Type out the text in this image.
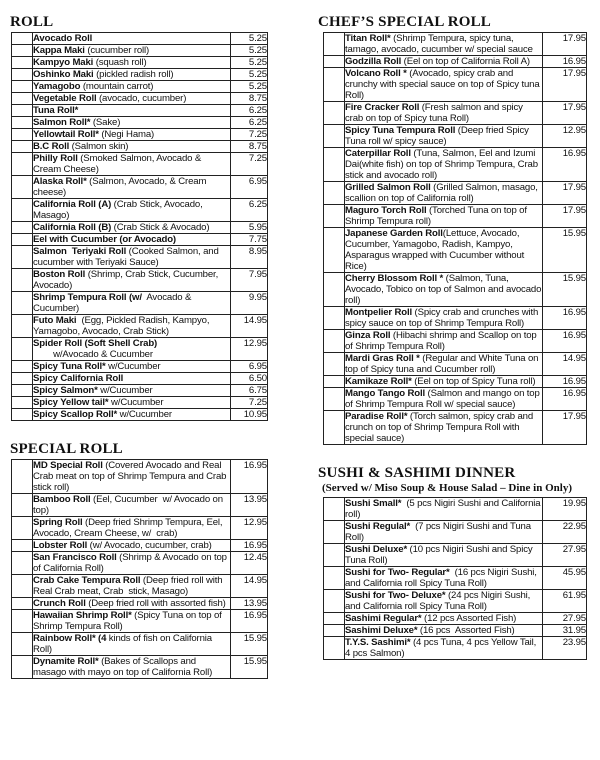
ROLL
	Avocado Roll	5.25
	Kappa Maki (cucumber roll)	5.25
	Kampyo Maki (squash roll)	5.25
	Oshinko Maki (pickled radish roll)	5.25
	Yamagobo (mountain carrot)	5.25
	Vegetable Roll (avocado, cucumber)	8.75
	Tuna Roll*	6.25
	Salmon Roll* (Sake)	6.25
	Yellowtail Roll* (Negi Hama)	7.25
	B.C Roll (Salmon skin)	8.75
	Philly Roll (Smoked Salmon, Avocado & Cream Cheese)	7.25
	Alaska Roll* (Salmon, Avocado, & Cream cheese)	6.95
	California Roll (A) (Crab Stick, Avocado, Masago)	6.25
	California Roll (B) (Crab Stick & Avocado)	5.95
	Eel with Cucumber (or Avocado)	7.75
	Salmon  Teriyaki Roll (Cooked Salmon, and cucumber with Teriyaki Sauce)	8.95
	Boston Roll (Shrimp, Crab Stick, Cucumber, Avocado)	7.95
	Shrimp Tempura Roll (w/  Avocado & Cucumber)	9.95
	Futo Maki  (Egg, Pickled Radish, Kampyo, Yamagobo, Avocado, Crab Stick)	14.95
	Spider Roll (Soft Shell Crab)
w/Avocado & Cucumber	12.95
	Spicy Tuna Roll* w/Cucumber	6.95
	Spicy California Roll	6.50
	Spicy Salmon* w/Cucumber	6.75
	Spicy Yellow tail* w/Cucumber	7.25
	Spicy Scallop Roll* w/Cucumber	10.95
SPECIAL ROLL
	MD Special Roll (Covered Avocado and Real Crab meat on top of Shrimp Tempura and Crab stick roll)	16.95
	Bamboo Roll (Eel, Cucumber  w/ Avocado on top)	13.95
	Spring Roll (Deep fried Shrimp Tempura, Eel, Avocado, Cream Cheese, w/  crab)	12.95
	Lobster Roll (w/ Avocado, cucumber, crab)	16.95
	San Francisco Roll (Shrimp & Avocado on top of California Roll)	12.45
	Crab Cake Tempura Roll (Deep fried roll with Real Crab meat, Crab  stick, Masago)	14.95
	Crunch Roll (Deep fried roll with assorted fish)	13.95
	Hawaiian Shrimp Roll* (Spicy Tuna on top of Shrimp Tempura Roll)	16.95
	Rainbow Roll* (4 kinds of fish on California Roll)	15.95
	Dynamite Roll* (Bakes of Scallops and masago with mayo on top of California Roll)	15.95
CHEF’S SPECIAL ROLL
	Titan Roll* (Shrimp Tempura, spicy tuna, tamago, avocado, cucumber w/ special sauce	17.95
	Godzilla Roll (Eel on top of California Roll A)	16.95
	Volcano Roll * (Avocado, spicy crab and crunchy with special sauce on top of Spicy tuna Roll)	17.95
	Fire Cracker Roll (Fresh salmon and spicy crab on top of Spicy tuna Roll)	17.95
	Spicy Tuna Tempura Roll (Deep fried Spicy Tuna roll w/ spicy sauce)	12.95
	Caterpillar Roll (Tuna, Salmon, Eel and Izumi Dai(white fish) on top of Shrimp Tempura, Crab stick and avocado roll)	16.95
	Grilled Salmon Roll (Grilled Salmon, masago, scallion on top of California roll)	17.95
	Maguro Torch Roll (Torched Tuna on top of Shrimp Tempura roll)	17.95
	Japanese Garden Roll(Lettuce, Avocado, Cucumber, Yamagobo, Radish, Kampyo, Asparagus wrapped with Cucumber without Rice)	15.95
	Cherry Blossom Roll * (Salmon, Tuna, Avocado, Tobico on top of Salmon and avocado roll)	15.95
	Montpelier Roll (Spicy crab and crunches with spicy sauce on top of Shrimp Tempura Roll)	16.95
	Ginza Roll (Hibachi shrimp and Scallop on top of Shrimp Tempura Roll)	16.95
	Mardi Gras Roll * (Regular and White Tuna on top of Spicy tuna and Cucumber roll)	14.95
	Kamikaze Roll* (Eel on top of Spicy Tuna roll)	16.95
	Mango Tango Roll (Salmon and mango on top of Shrimp Tempura Roll w/ special sauce)	16.95
	Paradise Roll* (Torch salmon, spicy crab and crunch on top of Shrimp Tempura Roll with special sauce)	17.95
SUSHI & SASHIMI DINNER
(Served w/ Miso Soup & House Salad – Dine in Only)
	Sushi Small*  (5 pcs Nigiri Sushi and California roll)	19.95
	Sushi Regulal*  (7 pcs Nigiri Sushi and Tuna Roll)	22.95
	Sushi Deluxe* (10 pcs Nigiri Sushi and Spicy Tuna Roll)	27.95
	Sushi for Two- Regular*  (16 pcs Nigiri Sushi, and California roll Spicy Tuna Roll)	45.95
	Sushi for Two- Deluxe* (24 pcs Nigiri Sushi, and California roll Spicy Tuna Roll)	61.95
	Sashimi Regular* (12 pcs Assorted Fish)	27.95
	Sashimi Deluxe* (16 pcs  Assorted Fish)	31.95
	T.Y.S. Sashimi* (4 pcs Tuna, 4 pcs Yellow Tail, 4 pcs Salmon)	23.95
